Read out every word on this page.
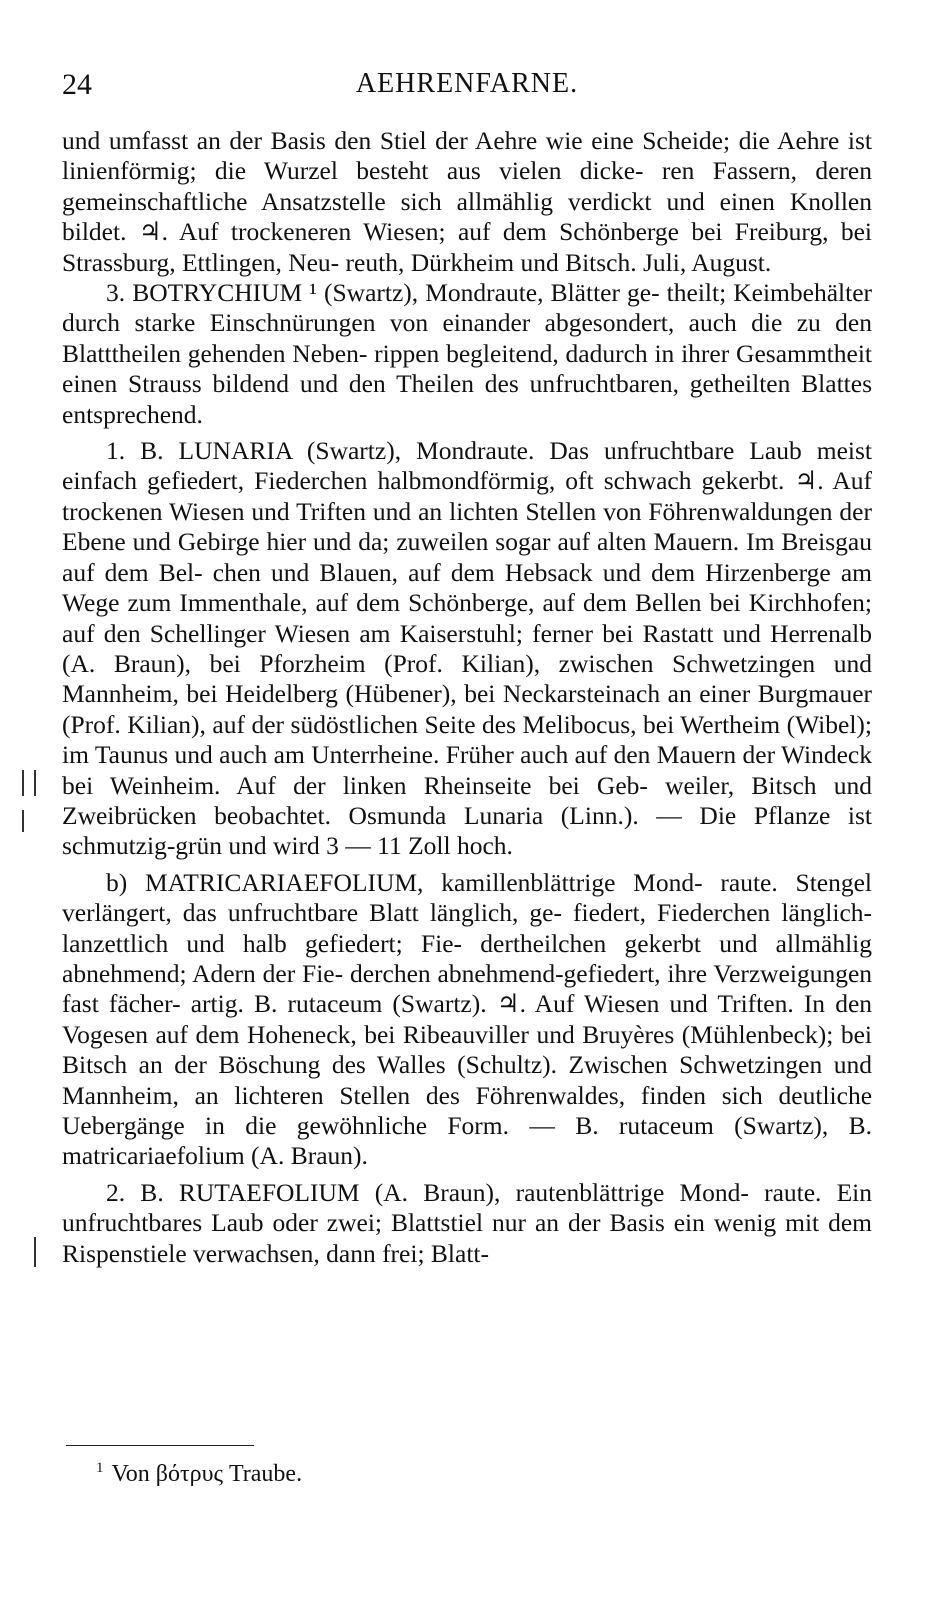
24	AEHRENFARNE.

und umfasst an der Basis den Stiel der Aehre wie eine Scheide; die Aehre ist linienförmig; die Wurzel besteht aus vielen dicke- ren Fassern, deren gemeinschaftliche Ansatzstelle sich allmählig verdickt und einen Knollen bildet. ♃. Auf trockeneren Wiesen; auf dem Schönberge bei Freiburg, bei Strassburg, Ettlingen, Neu- reuth, Dürkheim und Bitsch. Juli, August.

3. BOTRYCHIUM ¹ (Swartz), Mondraute, Blätter ge- theilt; Keimbehälter durch starke Einschnürungen von einander abgesondert, auch die zu den Blatttheilen gehenden Neben- rippen begleitend, dadurch in ihrer Gesammtheit einen Strauss bildend und den Theilen des unfruchtbaren, getheilten Blattes entsprechend.

1. B. LUNARIA (Swartz), Mondraute. Das unfruchtbare Laub meist einfach gefiedert, Fiederchen halbmondförmig, oft schwach gekerbt. ♃. Auf trockenen Wiesen und Triften und an lichten Stellen von Föhrenwaldungen der Ebene und Gebirge hier und da; zuweilen sogar auf alten Mauern. Im Breisgau auf dem Bel- chen und Blauen, auf dem Hebsack und dem Hirzenberge am Wege zum Immenthale, auf dem Schönberge, auf dem Bellen bei Kirchhofen; auf den Schellinger Wiesen am Kaiserstuhl; ferner bei Rastatt und Herrenalb (A. Braun), bei Pforzheim (Prof. Kilian), zwischen Schwetzingen und Mannheim, bei Heidelberg (Hübener), bei Neckarsteinach an einer Burgmauer (Prof. Kilian), auf der südöstlichen Seite des Melibocus, bei Wertheim (Wibel); im Taunus und auch am Unterrheine. Früher auch auf den Mauern der Windeck bei Weinheim. Auf der linken Rheinseite bei Geb- weiler, Bitsch und Zweibrücken beobachtet. Osmunda Lunaria (Linn.). — Die Pflanze ist schmutzig-grün und wird 3 — 11 Zoll hoch.

b) MATRICARIAEFOLIUM, kamillenblättrige Mond- raute. Stengel verlängert, das unfruchtbare Blatt länglich, ge- fiedert, Fiederchen länglich-lanzettlich und halb gefiedert; Fie- dertheilchen gekerbt und allmählig abnehmend; Adern der Fie- derchen abnehmend-gefiedert, ihre Verzweigungen fast fächer- artig. B. rutaceum (Swartz). ♃. Auf Wiesen und Triften. In den Vogesen auf dem Hoheneck, bei Ribeauviller und Bruyères (Mühlenbeck); bei Bitsch an der Böschung des Walles (Schultz). Zwischen Schwetzingen und Mannheim, an lichteren Stellen des Föhrenwaldes, finden sich deutliche Uebergänge in die gewöhnliche Form. — B. rutaceum (Swartz), B. matricariaefolium (A. Braun).

2. B. RUTAEFOLIUM (A. Braun), rautenblättrige Mond- raute. Ein unfruchtbares Laub oder zwei; Blattstiel nur an der Basis ein wenig mit dem Rispenstiele verwachsen, dann frei; Blatt-

$^1$ Von βότρυς Traube.
